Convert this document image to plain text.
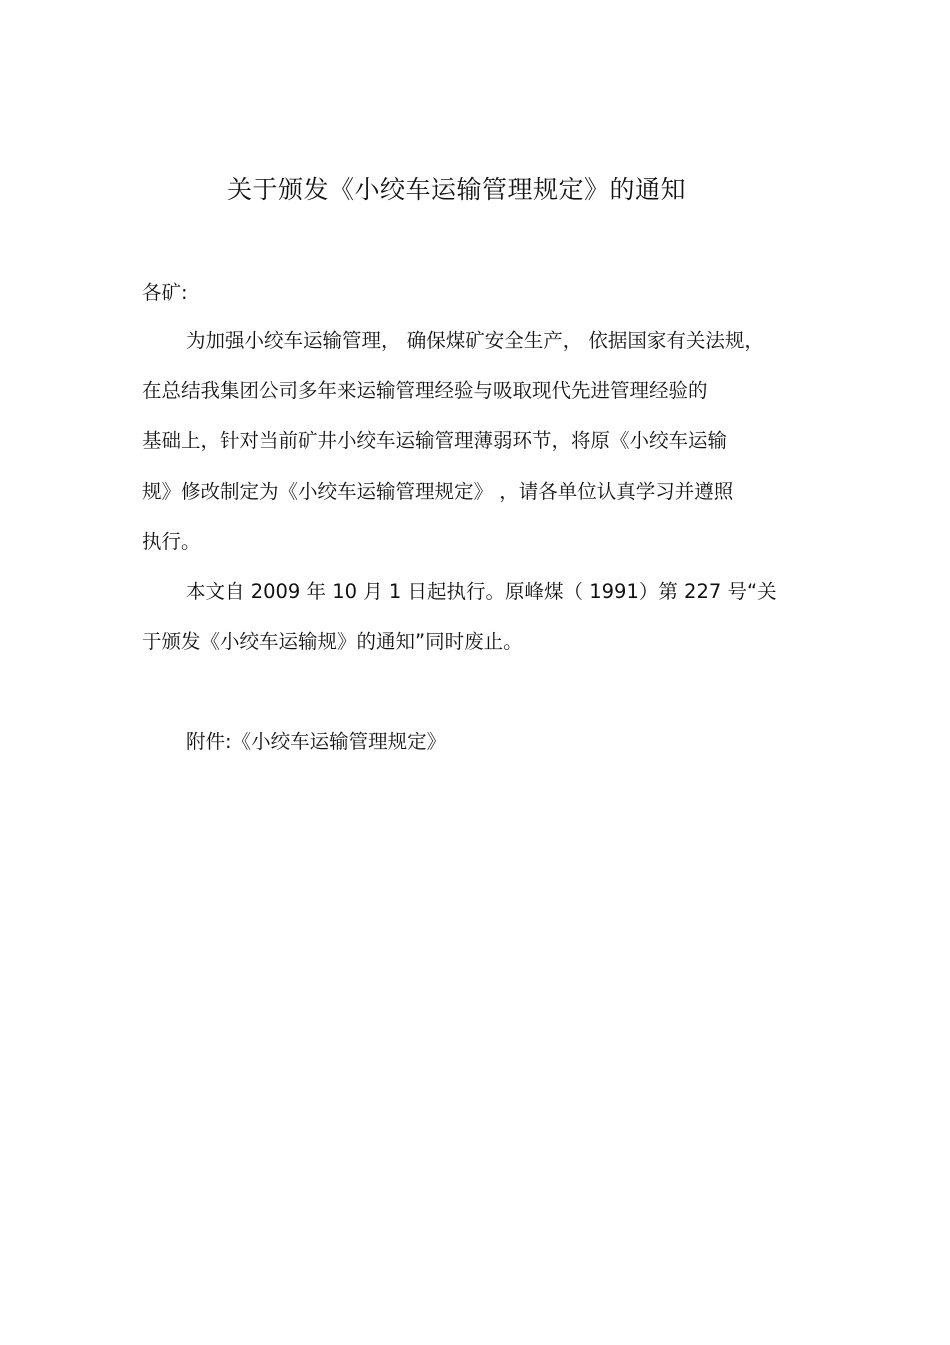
关于颁发《小绞车运输管理规定》的通知
各矿:
为加强小绞车运输管理， 确保煤矿安全生产， 依据国家有关法规，
在总结我集团公司多年来运输管理经验与吸取现代先进管理经验的
基础上，针对当前矿井小绞车运输管理薄弱环节，将原《小绞车运输
规》修改制定为《小绞车运输管理规定》 ，请各单位认真学习并遵照
执行。
本文自 2009 年 10 月 1 日起执行。原峰煤（ 1991）第 227 号“关
于颁发《小绞车运输规》的通知”同时废止。
附件:《小绞车运输管理规定》
